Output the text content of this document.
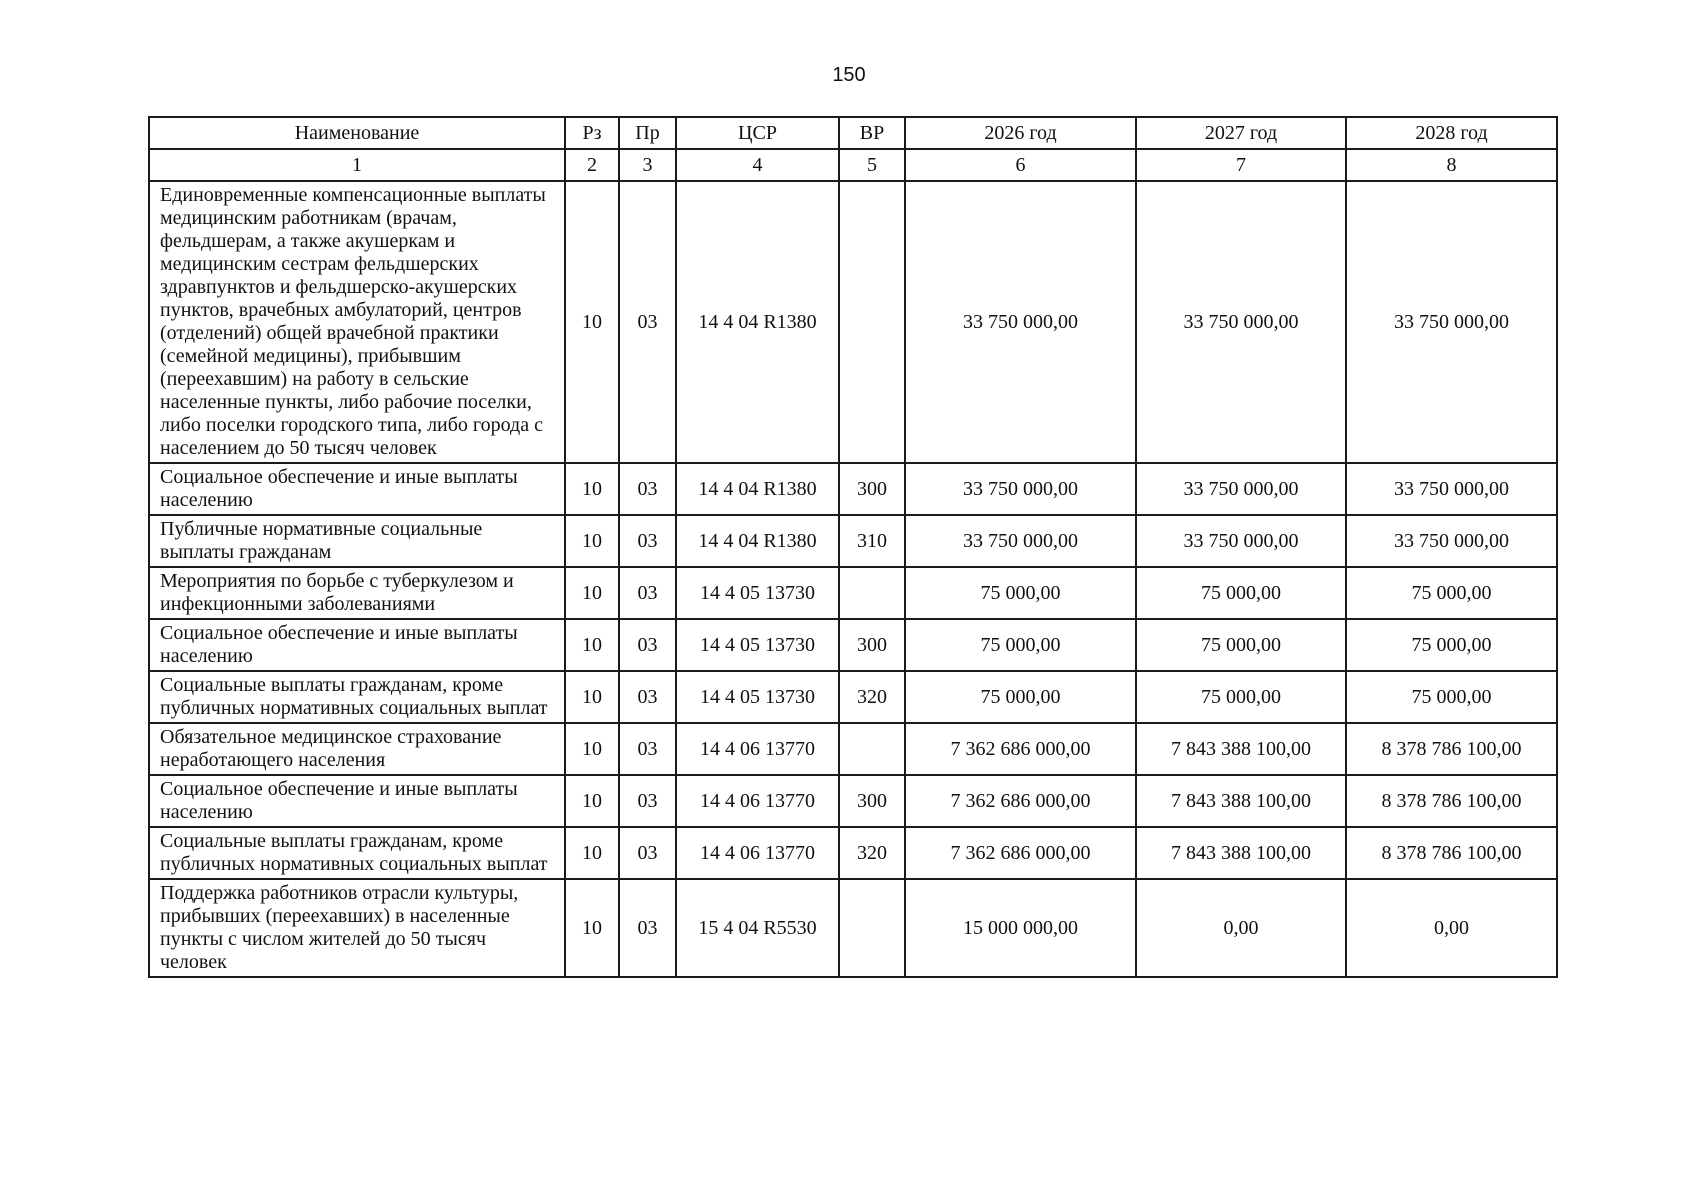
150
Наименование	Рз	Пр	ЦСР	ВР	2026 год	2027 год	2028 год
1	2	3	4	5	6	7	8
Единовременные компенсационные выплаты медицинским работникам (врачам, фельдшерам, а также акушеркам и медицинским сестрам фельдшерских здравпунктов и фельдшерско-акушерских пунктов, врачебных амбулаторий, центров (отделений) общей врачебной практики (семейной медицины), прибывшим (переехавшим) на работу в сельские населенные пункты, либо рабочие поселки, либо поселки городского типа, либо города с населением до 50 тысяч человек	10	03	14 4 04 R1380		33 750 000,00	33 750 000,00	33 750 000,00
Социальное обеспечение и иные выплаты населению	10	03	14 4 04 R1380	300	33 750 000,00	33 750 000,00	33 750 000,00
Публичные нормативные социальные выплаты гражданам	10	03	14 4 04 R1380	310	33 750 000,00	33 750 000,00	33 750 000,00
Мероприятия по борьбе с туберкулезом и инфекционными заболеваниями	10	03	14 4 05 13730		75 000,00	75 000,00	75 000,00
Социальное обеспечение и иные выплаты населению	10	03	14 4 05 13730	300	75 000,00	75 000,00	75 000,00
Социальные выплаты гражданам, кроме публичных нормативных социальных выплат	10	03	14 4 05 13730	320	75 000,00	75 000,00	75 000,00
Обязательное медицинское страхование неработающего населения	10	03	14 4 06 13770		7 362 686 000,00	7 843 388 100,00	8 378 786 100,00
Социальное обеспечение и иные выплаты населению	10	03	14 4 06 13770	300	7 362 686 000,00	7 843 388 100,00	8 378 786 100,00
Социальные выплаты гражданам, кроме публичных нормативных социальных выплат	10	03	14 4 06 13770	320	7 362 686 000,00	7 843 388 100,00	8 378 786 100,00
Поддержка работников отрасли культуры, прибывших (переехавших) в населенные пункты с числом жителей до 50 тысяч человек	10	03	15 4 04 R5530		15 000 000,00	0,00	0,00
